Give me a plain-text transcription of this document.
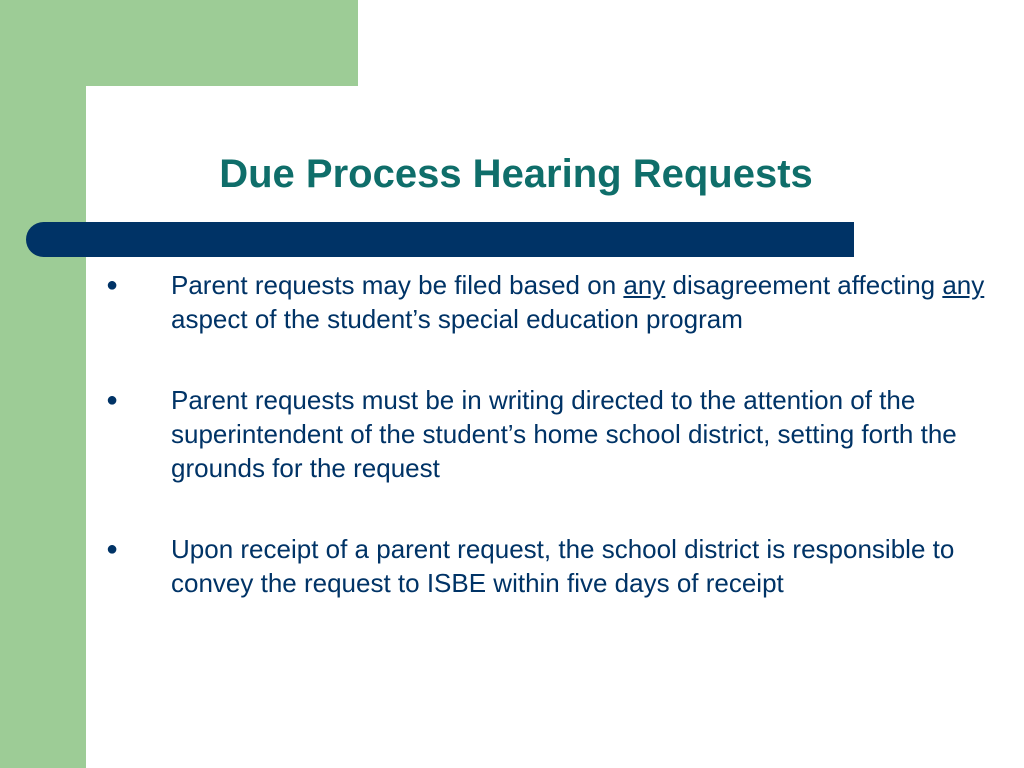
Due Process Hearing Requests
● Parent requests may be filed based on any disagreement affecting any aspect of the student’s special education program
● Parent requests must be in writing directed to the attention of the superintendent of the student’s home school district, setting forth the grounds for the request
● Upon receipt of a parent request, the school district is responsible to convey the request to ISBE within five days of receipt
